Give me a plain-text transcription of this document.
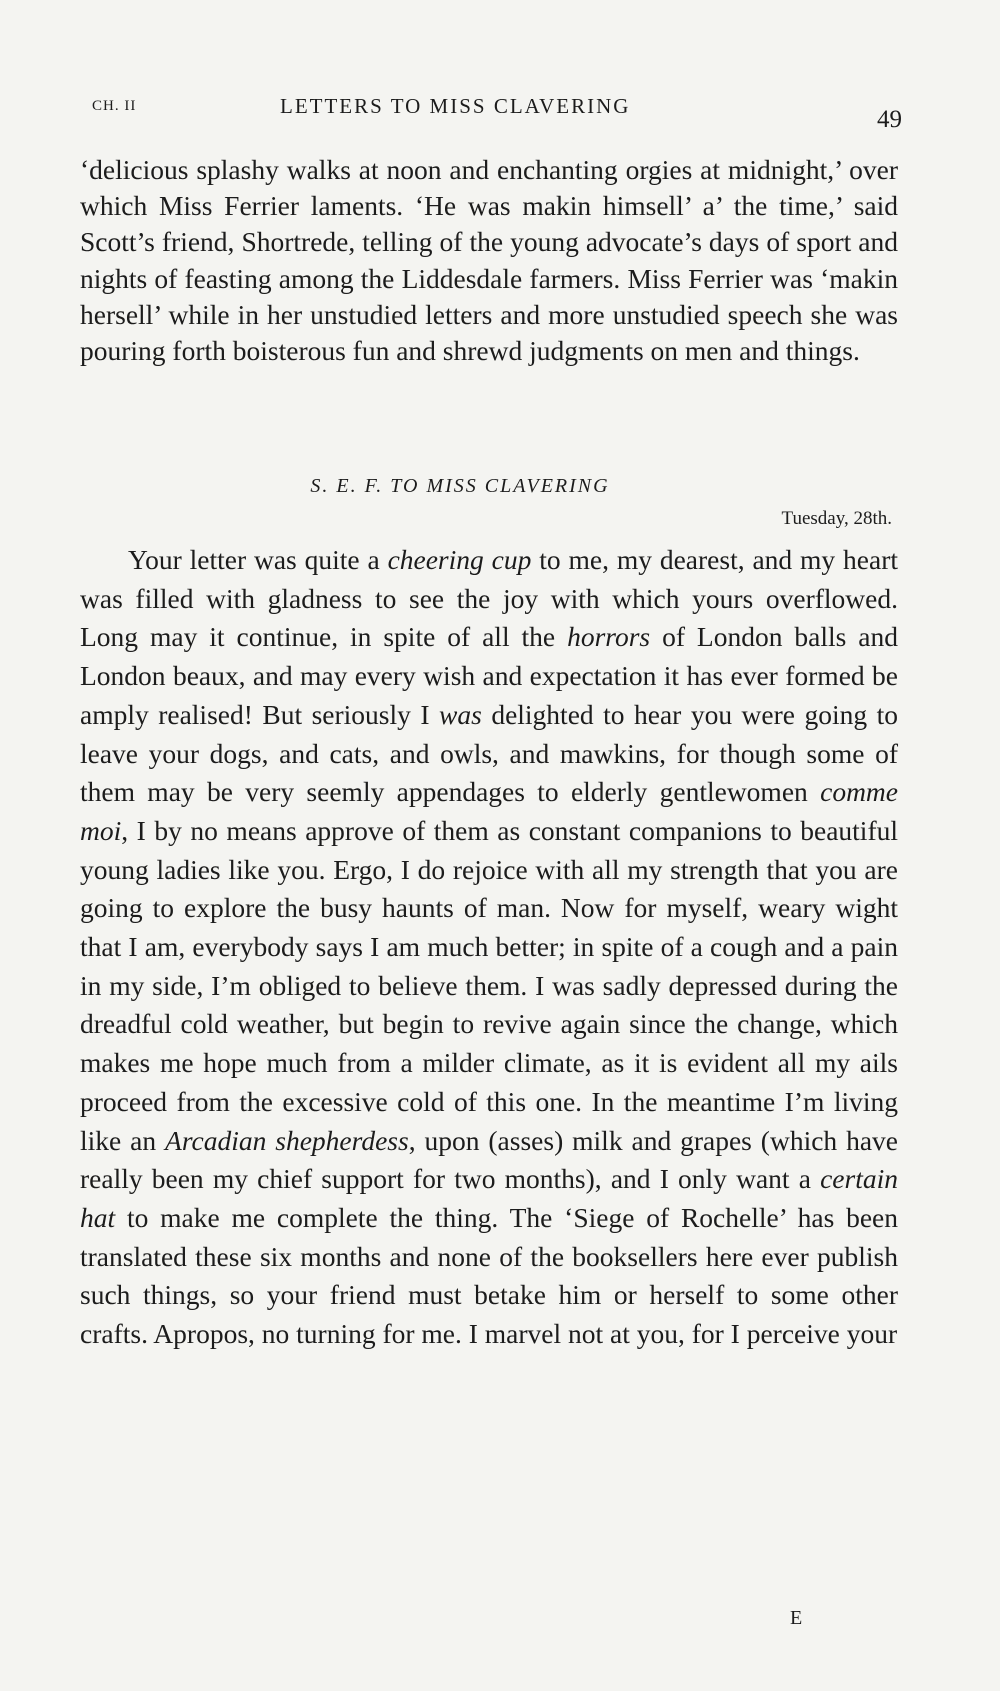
CH. II	LETTERS TO MISS CLAVERING	49

‘delicious splashy walks at noon and enchanting orgies at midnight,’ over which Miss Ferrier laments. ‘He was makin himsell’ a’ the time,’ said Scott’s friend, Shortrede, telling of the young advocate’s days of sport and nights of feasting among the Liddesdale farmers. Miss Ferrier was ‘makin hersell’ while in her unstudied letters and more unstudied speech she was pouring forth boisterous fun and shrewd judgments on men and things.

S. E. F. TO MISS CLAVERING
Tuesday, 28th.

Your letter was quite a cheering cup to me, my dearest, and my heart was filled with gladness to see the joy with which yours overflowed. Long may it continue, in spite of all the horrors of London balls and London beaux, and may every wish and expectation it has ever formed be amply realised! But seriously I was delighted to hear you were going to leave your dogs, and cats, and owls, and mawkins, for though some of them may be very seemly appendages to elderly gentlewomen comme moi, I by no means approve of them as constant companions to beautiful young ladies like you. Ergo, I do rejoice with all my strength that you are going to explore the busy haunts of man. Now for myself, weary wight that I am, everybody says I am much better; in spite of a cough and a pain in my side, I’m obliged to believe them. I was sadly depressed during the dreadful cold weather, but begin to revive again since the change, which makes me hope much from a milder climate, as it is evident all my ails proceed from the excessive cold of this one. In the meantime I’m living like an Arcadian shepherdess, upon (asses) milk and grapes (which have really been my chief support for two months), and I only want a certain hat to make me complete the thing. The ‘Siege of Rochelle’ has been translated these six months and none of the booksellers here ever publish such things, so your friend must betake him or herself to some other crafts. Apropos, no turning for me. I marvel not at you, for I perceive your

E
